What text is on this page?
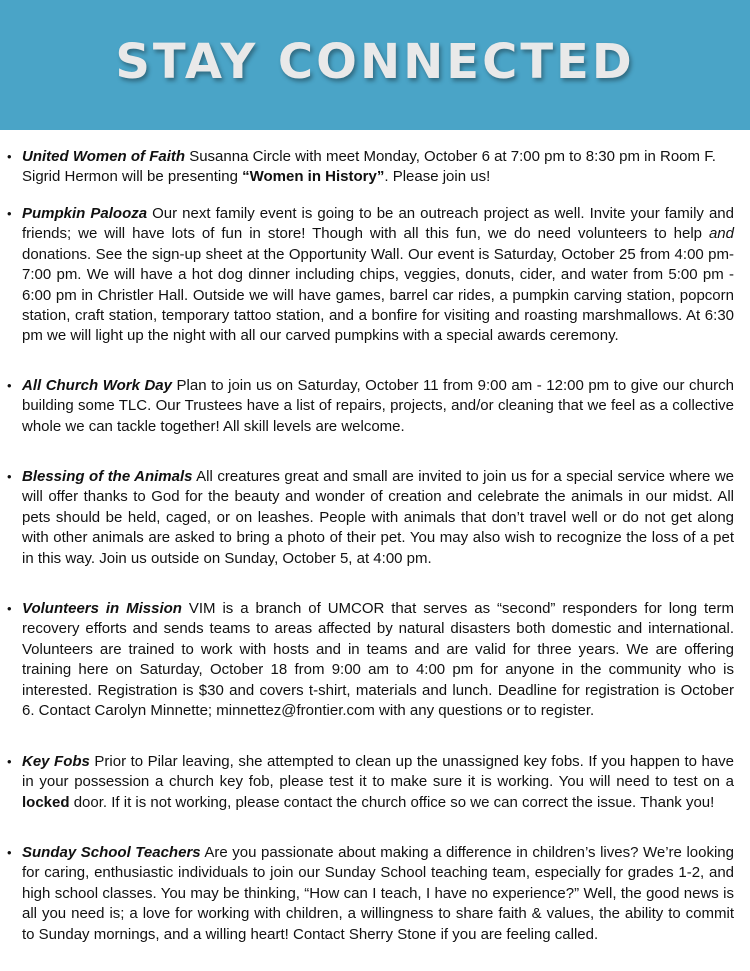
STAY CONNECTED
• United Women of Faith Susanna Circle with meet Monday, October 6 at 7:00 pm to 8:30 pm in Room F. Sigrid Hermon will be presenting “Women in History”. Please join us!
• Pumpkin Palooza Our next family event is going to be an outreach project as well. Invite your family and friends; we will have lots of fun in store! Though with all this fun, we do need volunteers to help and donations. See the sign-up sheet at the Opportunity Wall. Our event is Saturday, October 25 from 4:00 pm-7:00 pm. We will have a hot dog dinner including chips, veggies, donuts, cider, and water from 5:00 pm - 6:00 pm in Christler Hall. Outside we will have games, barrel car rides, a pumpkin carving station, popcorn station, craft station, temporary tattoo station, and a bonfire for visiting and roasting marshmallows. At 6:30 pm we will light up the night with all our carved pumpkins with a special awards ceremony.
• All Church Work Day Plan to join us on Saturday, October 11 from 9:00 am - 12:00 pm to give our church building some TLC. Our Trustees have a list of repairs, projects, and/or cleaning that we feel as a collective whole we can tackle together! All skill levels are welcome.
• Blessing of the Animals All creatures great and small are invited to join us for a special service where we will offer thanks to God for the beauty and wonder of creation and celebrate the animals in our midst. All pets should be held, caged, or on leashes. People with animals that don’t travel well or do not get along with other animals are asked to bring a photo of their pet. You may also wish to recognize the loss of a pet in this way. Join us outside on Sunday, October 5, at 4:00 pm.
• Volunteers in Mission VIM is a branch of UMCOR that serves as “second” responders for long term recovery efforts and sends teams to areas affected by natural disasters both domestic and international. Volunteers are trained to work with hosts and in teams and are valid for three years. We are offering training here on Saturday, October 18 from 9:00 am to 4:00 pm for anyone in the community who is interested. Registration is $30 and covers t-shirt, materials and lunch. Deadline for registration is October 6. Contact Carolyn Minnette; minnettez@frontier.com with any questions or to register.
• Key Fobs Prior to Pilar leaving, she attempted to clean up the unassigned key fobs. If you happen to have in your possession a church key fob, please test it to make sure it is working. You will need to test on a locked door. If it is not working, please contact the church office so we can correct the issue. Thank you!
• Sunday School Teachers Are you passionate about making a difference in children’s lives? We’re looking for caring, enthusiastic individuals to join our Sunday School teaching team, especially for grades 1-2, and high school classes. You may be thinking, “How can I teach, I have no experience?” Well, the good news is all you need is; a love for working with children, a willingness to share faith & values, the ability to commit to Sunday mornings, and a willing heart! Contact Sherry Stone if you are feeling called.
